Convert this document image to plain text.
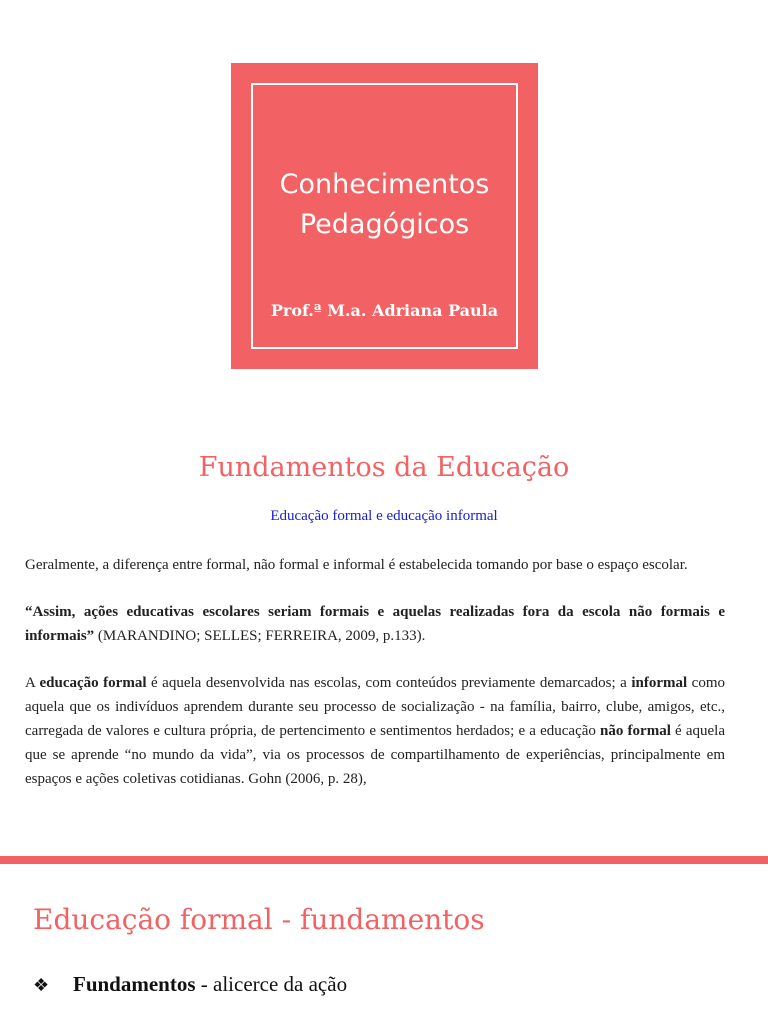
Conhecimentos
Pedagógicos
Prof.ª M.a. Adriana Paula
Fundamentos da Educação
Educação formal e educação informal
Geralmente, a diferença entre formal, não formal e informal é estabelecida tomando por base o espaço escolar.
“Assim, ações educativas escolares seriam formais e aquelas realizadas fora da escola não formais e informais” (MARANDINO; SELLES; FERREIRA, 2009, p.133).
A educação formal é aquela desenvolvida nas escolas, com conteúdos previamente demarcados; a informal como aquela que os indivíduos aprendem durante seu processo de socialização - na família, bairro, clube, amigos, etc., carregada de valores e cultura própria, de pertencimento e sentimentos herdados; e a educação não formal é aquela que se aprende “no mundo da vida”, via os processos de compartilhamento de experiências, principalmente em espaços e ações coletivas cotidianas. Gohn (2006, p. 28),
Educação formal - fundamentos
❖ Fundamentos - alicerce da ação
